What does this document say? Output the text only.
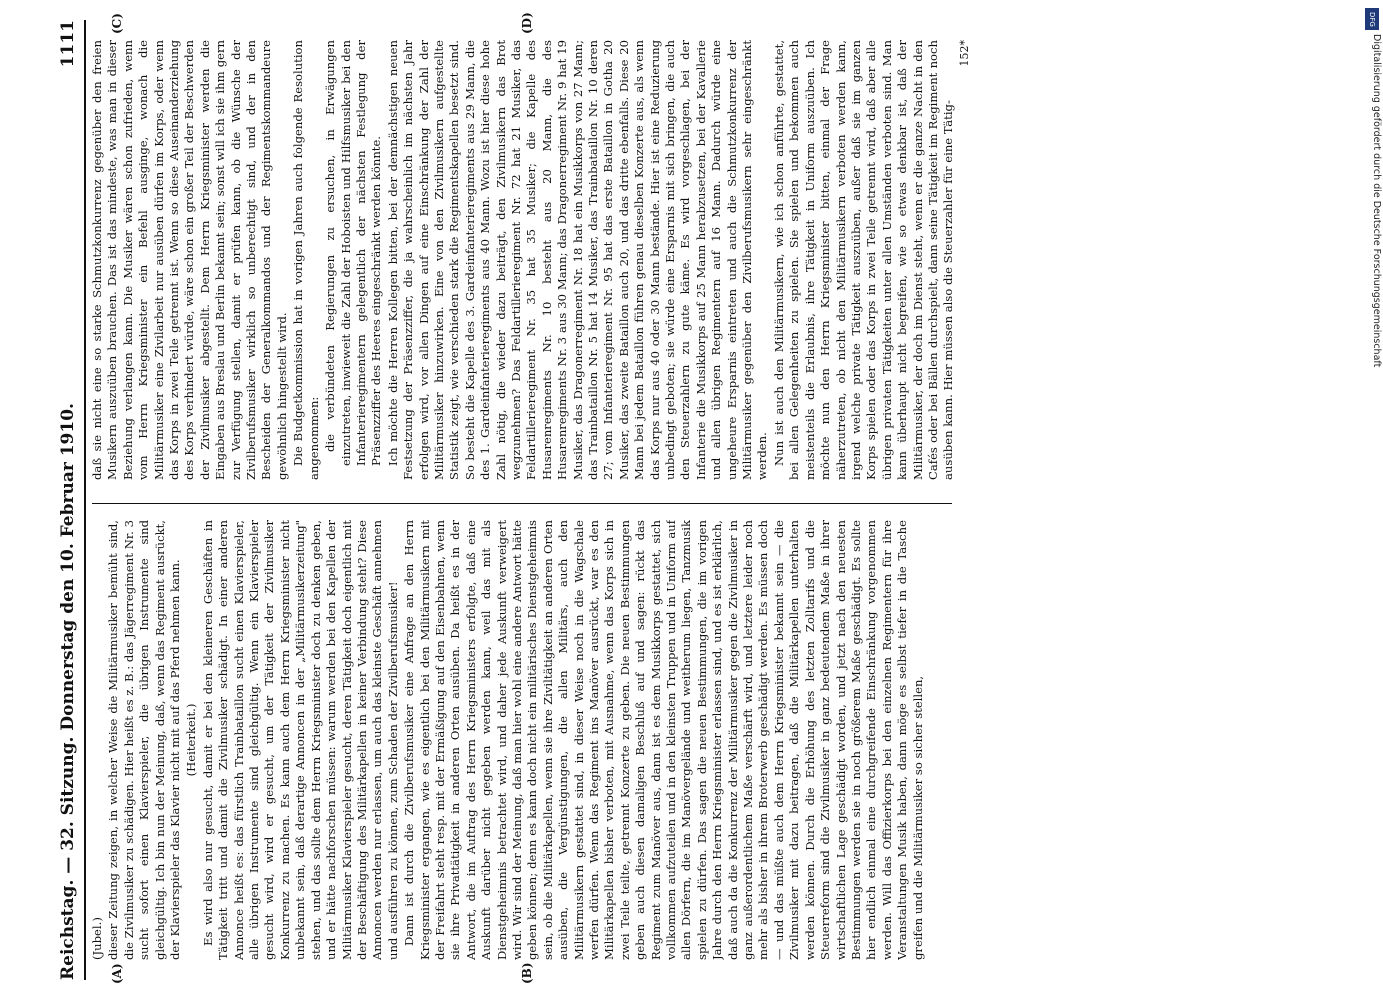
Reichstag. — 32. Sitzung. Donnerstag den 10. Februar 1910.
1111
(A)	(B)
(C)	(D)

(Jubel.) dieser Zeitung zeigen, in welcher Weise die Militärmusiker bemüht sind, die Zivilmusiker zu schädigen. Hier heißt es z. B.: das Jägerregiment Nr. 3 sucht sofort einen Klavierspieler, die übrigen Instrumente sind gleichgültig. Ich bin nun der Meinung, daß, wenn das Regiment ausrückt, der Klavierspieler das Klavier nicht mit auf das Pferd nehmen kann. (Heiterkeit.) Es wird also nur gesucht, damit er bei den kleineren Geschäften in Tätigkeit tritt und damit die Zivilmusiker schädigt. In einer anderen Annonce heißt es: das fürstlich Trainbataillon sucht einen Klavierspieler, alle übrigen Instrumente sind gleichgültig. Wenn ein Klavierspieler gesucht wird, wird er gesucht, um der Tätigkeit der Zivilmusiker Konkurrenz zu machen. Es kann auch dem Herrn Kriegsminister nicht unbekannt sein, daß derartige Annoncen in der „Militärmusikerzeitung" stehen, und das sollte dem Herrn Kriegsminister doch zu denken geben, und er hätte nachforschen müssen: warum werden bei den Kapellen der Militärmusiker Klavierspieler gesucht, deren Tätigkeit doch eigentlich mit der Beschäftigung des Militärkapellen in keiner Verbindung steht? Diese Annoncen werden nur erlassen, um auch das kleinste Geschäft annehmen und ausführen zu können, zum Schaden der Zivilberufsmusiker! Dann ist durch die Zivilberufsmusiker eine Anfrage an den Herrn Kriegsminister ergangen, wie es eigentlich bei den Militärmusikern mit der Freifahrt steht resp. mit der Ermäßigung auf den Eisenbahnen, wenn sie ihre Privattätigkeit in anderen Orten ausüben. Da heißt es in der Antwort, die im Auftrag des Herrn Kriegsministers erfolgte, daß eine Auskunft darüber nicht gegeben werden kann, weil das mit als Dienstgeheimnis betrachtet wird, und daher jede Auskunft verweigert wird. Wir sind der Meinung, daß man hier wohl eine andere Antwort hätte geben können; denn es kann doch nicht ein militärisches Dienstgeheimnis sein, ob die Militärkapellen, wenn sie ihre Ziviltätigkeit an anderen Orten ausüben, die Vergünstigungen, die allen Militärs, auch den Militärmusikern gestattet sind, in dieser Weise noch in die Wagschale werfen dürfen. Wenn das Regiment ins Manöver ausrückt, war es den Militärkapellen bisher verboten, mit Ausnahme, wenn das Korps sich in zwei Teile teilte, getrennt Konzerte zu geben. Die neuen Bestimmungen geben auch diesen damaligen Beschluß auf und sagen: rückt das Regiment zum Manöver aus, dann ist es dem Musikkorps gestattet, sich vollkommen aufzuteilen und in den kleinsten Truppen und in Uniform auf allen Dörfern, die im Manövergelände und weitherum liegen, Tanzmusik spielen zu dürfen. Das sagen die neuen Bestimmungen, die im vorigen Jahre durch den Herrn Kriegsminister erlassen sind, und es ist erklärlich, daß auch da die Konkurrenz der Militärmusiker gegen die Zivilmusiker in ganz außerordentlichem Maße verschärft wird, und letztere leider noch mehr als bisher in ihrem Broterwerb geschädigt werden. Es müssen doch — und das müßte auch dem Herrn Kriegsminister bekannt sein — die Zivilmusiker mit dazu beitragen, daß die Militärkapellen unterhalten werden können. Durch die Erhöhung des letzten Zolltarifs und die Steuerreform sind die Zivilmusiker in ganz bedeutendem Maße in ihrer wirtschaftlichen Lage geschädigt worden, und jetzt nach den neuesten Bestimmungen werden sie in noch größerem Maße geschädigt. Es sollte hier endlich einmal eine durchgreifende Einschränkung vorgenommen werden. Will das Offizierkorps bei den einzelnen Regimentern für ihre Veranstaltungen Musik haben, dann möge es selbst tiefer in die Tasche greifen und die Militärmusiker so sicher stellen,

daß sie nicht eine so starke Schmutzkonkurrenz gegenüber den freien Musikern auszuüben brauchen. Das ist das mindeste, was man in dieser Beziehung verlangen kann. Die Musiker wären schon zufrieden, wenn vom Herrn Kriegsminister ein Befehl ausginge, wonach die Militärmusiker eine Zivilarbeit nur ausüben dürfen im Korps, oder wenn das Korps in zwei Teile getrennt ist. Wenn so diese Auseinanderziehung des Korps verhindert würde, wäre schon ein großer Teil der Beschwerden der Zivilmusiker abgestellt. Dem Herrn Kriegsminister werden die Eingaben aus Breslau und Berlin bekannt sein; sonst will ich sie ihm gern zur Verfügung stellen, damit er prüfen kann, ob die Wünsche der Zivilberufsmusiker wirklich so unberechtigt sind, und der in den Bescheiden der Generalkommandos und der Regimentskommandeure gewöhnlich hingestellt wird. Die Budgetkommission hat in vorigen Jahren auch folgende Resolution angenommen: die verbündeten Regierungen zu ersuchen, in Erwägungen einzutreten, inwieweit die Zahl der Hoboisten und Hilfsmusiker bei den Infanterieregimentern gelegentlich der nächsten Festlegung der Präsenzziffer des Heeres eingeschränkt werden könnte. Ich möchte die Herren Kollegen bitten, bei der demnächstigen neuen Festsetzung der Präsenzziffer, die ja wahrscheinlich im nächsten Jahr erfolgen wird, vor allen Dingen auf eine Einschränkung der Zahl der Militärmusiker hinzuwirken. Eine von den Zivilmusikern aufgestellte Statistik zeigt, wie verschieden stark die Regimentskapellen besetzt sind. So besteht die Kapelle des 3. Gardeinfanterieregiments aus 29 Mann, die des 1. Gardeinfanterieregiments aus 40 Mann. Wozu ist hier diese hohe Zahl nötig, die wieder dazu beiträgt, den Zivilmusikern das Brot wegzunehmen? Das Feldartillerieregiment Nr. 72 hat 21 Musiker, das Feldartillerieregiment Nr. 35 hat 35 Musiker; die Kapelle des Husarenregiments Nr. 10 besteht aus 20 Mann, die des Husarenregiments Nr. 3 aus 30 Mann; das Dragonerregiment Nr. 9 hat 19 Musiker, das Dragonerregiment Nr. 18 hat ein Musikkorps von 27 Mann; das Trainbataillon Nr. 5 hat 14 Musiker, das Trainbataillon Nr. 10 deren 27; vom Infanterieregiment Nr. 95 hat das erste Bataillon in Gotha 20 Musiker, das zweite Bataillon auch 20, und das dritte ebenfalls. Diese 20 Mann bei jedem Bataillon führen genau dieselben Konzerte aus, als wenn das Korps nur aus 40 oder 30 Mann bestände. Hier ist eine Reduzierung unbedingt geboten; sie würde eine Ersparnis mit sich bringen, die auch den Steuerzahlern zu gute käme. Es wird vorgeschlagen, bei der Infanterie die Musikkorps auf 25 Mann herabzusetzen, bei der Kavallerie und allen übrigen Regimentern auf 16 Mann. Dadurch würde eine ungeheure Ersparnis eintreten und auch die Schmutzkonkurrenz der Militärmusiker gegenüber den Zivilberufsmusikern sehr eingeschränkt werden. Nun ist auch den Militärmusikern, wie ich schon anführte, gestattet, bei allen Gelegenheiten zu spielen. Sie spielen und bekommen auch meistenteils die Erlaubnis, ihre Tätigkeit in Uniform auszuüben. Ich möchte nun den Herrn Kriegsminister bitten, einmal der Frage näherzutreten, ob nicht den Militärmusikern verboten werden kann, irgend welche private Tätigkeit auszuüben, außer daß sie im ganzen Korps spielen oder das Korps in zwei Teile getrennt wird, daß aber alle übrigen privaten Tätigkeiten unter allen Umständen verboten sind. Man kann überhaupt nicht begreifen, wie so etwas denkbar ist, daß der Militärmusiker, der doch im Dienst steht, wenn er die ganze Nacht in den Cafés oder bei Bällen durchspielt, dann seine Tätigkeit im Regiment noch ausüben kann. Hier müssen also die Steuerzahler für eine Tätig-

152*
DFG
Digitalisierung gefördert durch die Deutsche Forschungsgemeinschaft
